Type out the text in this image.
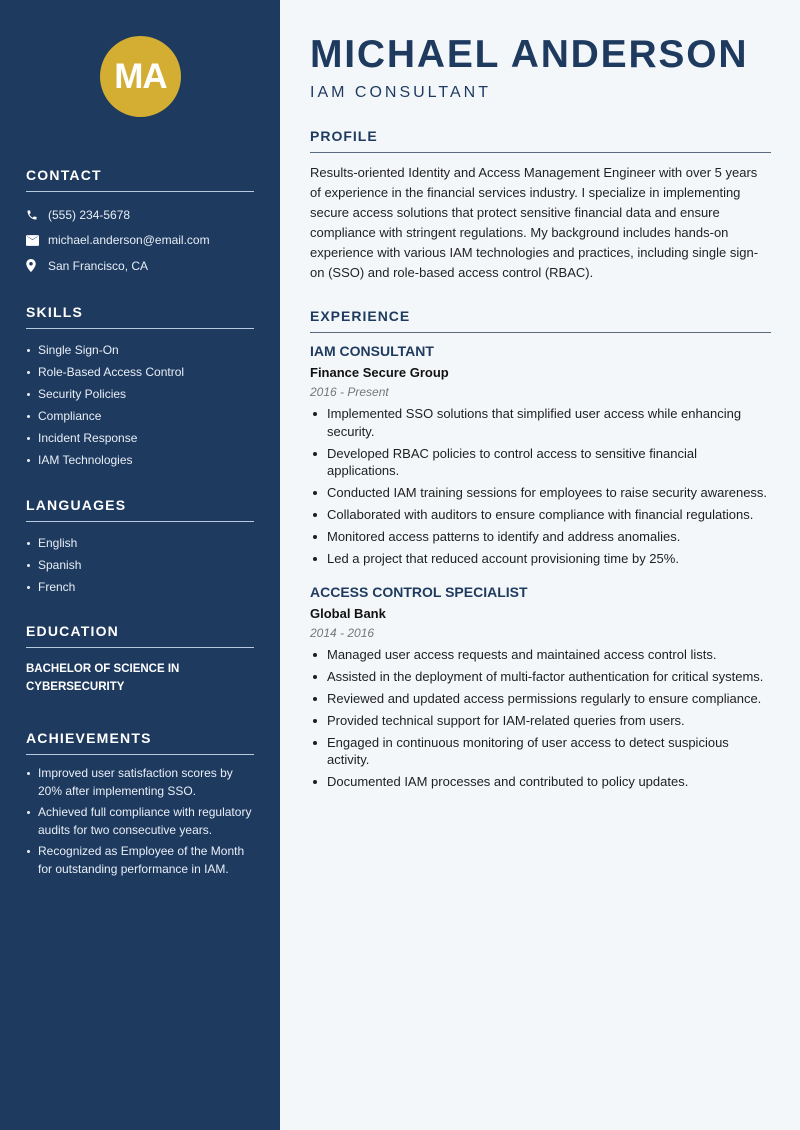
MA
CONTACT
(555) 234-5678
michael.anderson@email.com
San Francisco, CA
SKILLS
Single Sign-On
Role-Based Access Control
Security Policies
Compliance
Incident Response
IAM Technologies
LANGUAGES
English
Spanish
French
EDUCATION
BACHELOR OF SCIENCE IN CYBERSECURITY
ACHIEVEMENTS
Improved user satisfaction scores by 20% after implementing SSO.
Achieved full compliance with regulatory audits for two consecutive years.
Recognized as Employee of the Month for outstanding performance in IAM.
MICHAEL ANDERSON
IAM CONSULTANT
PROFILE

Results-oriented Identity and Access Management Engineer with over 5 years of experience in the financial services industry. I specialize in implementing secure access solutions that protect sensitive financial data and ensure compliance with stringent regulations. My background includes hands-on experience with various IAM technologies and practices, including single sign-on (SSO) and role-based access control (RBAC).

EXPERIENCE
IAM CONSULTANT
Finance Secure Group
2016 - Present
Implemented SSO solutions that simplified user access while enhancing security.
Developed RBAC policies to control access to sensitive financial applications.
Conducted IAM training sessions for employees to raise security awareness.
Collaborated with auditors to ensure compliance with financial regulations.
Monitored access patterns to identify and address anomalies.
Led a project that reduced account provisioning time by 25%.
ACCESS CONTROL SPECIALIST
Global Bank
2014 - 2016
Managed user access requests and maintained access control lists.
Assisted in the deployment of multi-factor authentication for critical systems.
Reviewed and updated access permissions regularly to ensure compliance.
Provided technical support for IAM-related queries from users.
Engaged in continuous monitoring of user access to detect suspicious activity.
Documented IAM processes and contributed to policy updates.
